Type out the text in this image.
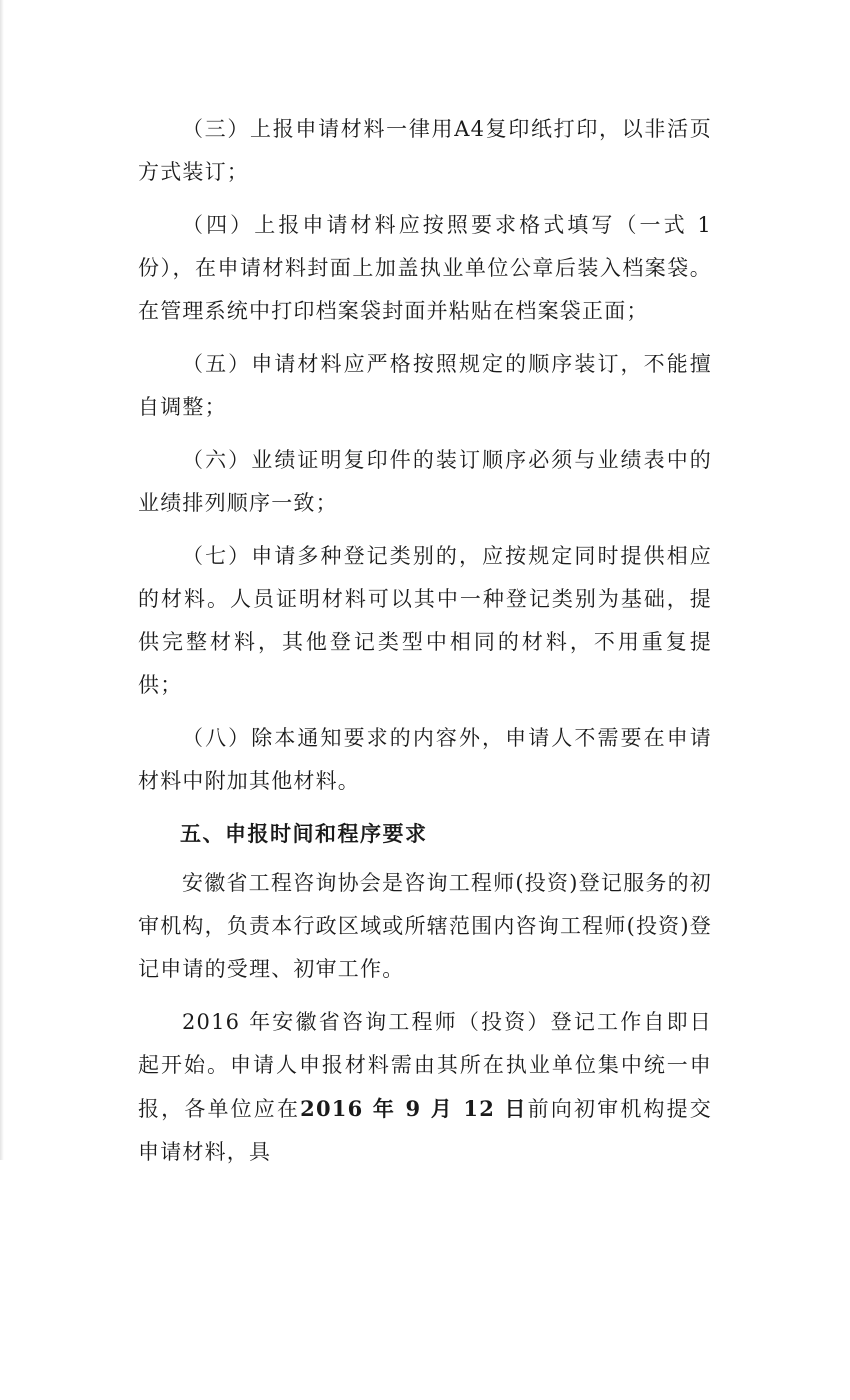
（三）上报申请材料一律用A4复印纸打印，以非活页方式装订；

（四）上报申请材料应按照要求格式填写（一式 1 份），在申请材料封面上加盖执业单位公章后装入档案袋。在管理系统中打印档案袋封面并粘贴在档案袋正面；

（五）申请材料应严格按照规定的顺序装订，不能擅自调整；

（六）业绩证明复印件的装订顺序必须与业绩表中的业绩排列顺序一致；

（七）申请多种登记类别的，应按规定同时提供相应的材料。人员证明材料可以其中一种登记类别为基础，提供完整材料，其他登记类型中相同的材料，不用重复提供；

（八）除本通知要求的内容外，申请人不需要在申请材料中附加其他材料。

五、申报时间和程序要求

安徽省工程咨询协会是咨询工程师(投资)登记服务的初审机构，负责本行政区域或所辖范围内咨询工程师(投资)登记申请的受理、初审工作。

2016 年安徽省咨询工程师（投资）登记工作自即日起开始。申请人申报材料需由其所在执业单位集中统一申报，各单位应在2016 年 9 月 12 日前向初审机构提交申请材料，具
